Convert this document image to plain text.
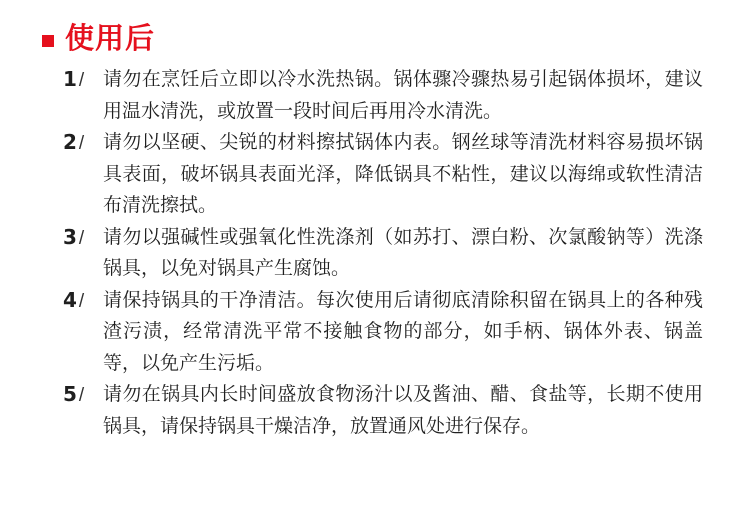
使用后
1 / 请勿在烹饪后立即以冷水洗热锅。锅体骤冷骤热易引起锅体损坏，建议用温水清洗，或放置一段时间后再用冷水清洗。
2 / 请勿以坚硬、尖锐的材料擦拭锅体内表。钢丝球等清洗材料容易损坏锅具表面，破坏锅具表面光泽，降低锅具不粘性，建议以海绵或软性清洁布清洗擦拭。
3 / 请勿以强碱性或强氧化性洗涤剂（如苏打、漂白粉、次氯酸钠等）洗涤锅具，以免对锅具产生腐蚀。
4 / 请保持锅具的干净清洁。每次使用后请彻底清除积留在锅具上的各种残渣污渍，经常清洗平常不接触食物的部分，如手柄、锅体外表、锅盖等，以免产生污垢。
5 / 请勿在锅具内长时间盛放食物汤汁以及酱油、醋、食盐等，长期不使用锅具，请保持锅具干燥洁净，放置通风处进行保存。
